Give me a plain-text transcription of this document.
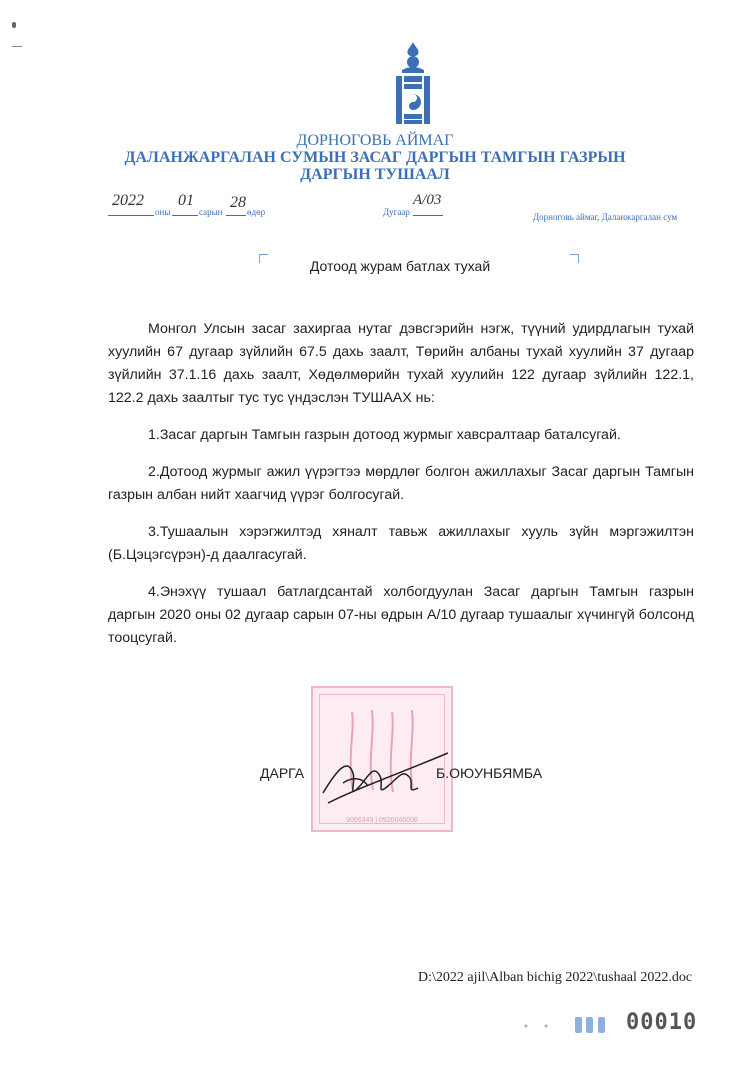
ДОРНОГОВЬ АЙМАГ
ДАЛАНЖАРГАЛАН СУМЫН ЗАСАГ ДАРГЫН ТАМГЫН ГАЗРЫН
ДАРГЫН ТУШААЛ
2022
оны
01
сарын
28
өдөр	Дугаар
А/03
Дорноговь аймаг, Даланжаргалан сум
Дотоод журам батлах тухай

Монгол Улсын засаг захиргаа нутаг дэвсгэрийн нэгж, түүний удирдлагын тухай хуулийн 67 дугаар зүйлийн 67.5 дахь заалт, Төрийн албаны тухай хуулийн 37 дугаар зүйлийн 37.1.16 дахь заалт, Хөдөлмөрийн тухай хуулийн 122 дугаар зүйлийн 122.1, 122.2 дахь заалтыг тус тус үндэслэн ТУШААХ нь:

1.Засаг даргын Тамгын газрын дотоод журмыг хавсралтаар баталсугай.

2.Дотоод журмыг ажил үүрэгтээ мөрдлөг болгон ажиллахыг Засаг даргын Тамгын газрын албан нийт хаагчид үүрэг болгосугай.

3.Тушаалын хэрэгжилтэд хяналт тавьж ажиллахыг хууль зүйн мэргэжилтэн (Б.Цэцэгсүрэн)-д даалгасугай.

4.Энэхүү тушаал батлагдсантай холбогдуулан Засаг даргын Тамгын газрын даргын 2020 оны 02 дугаар сарын 07-ны өдрын А/10 дугаар тушаалыг хүчингүй болсонд тооцсугай.

9006343 | 0920040006
ДАРГА	Б.ОЮУНБЯМБА
D:\2022 ajil\Alban bichig 2022\tushaal 2022.doc
00010
